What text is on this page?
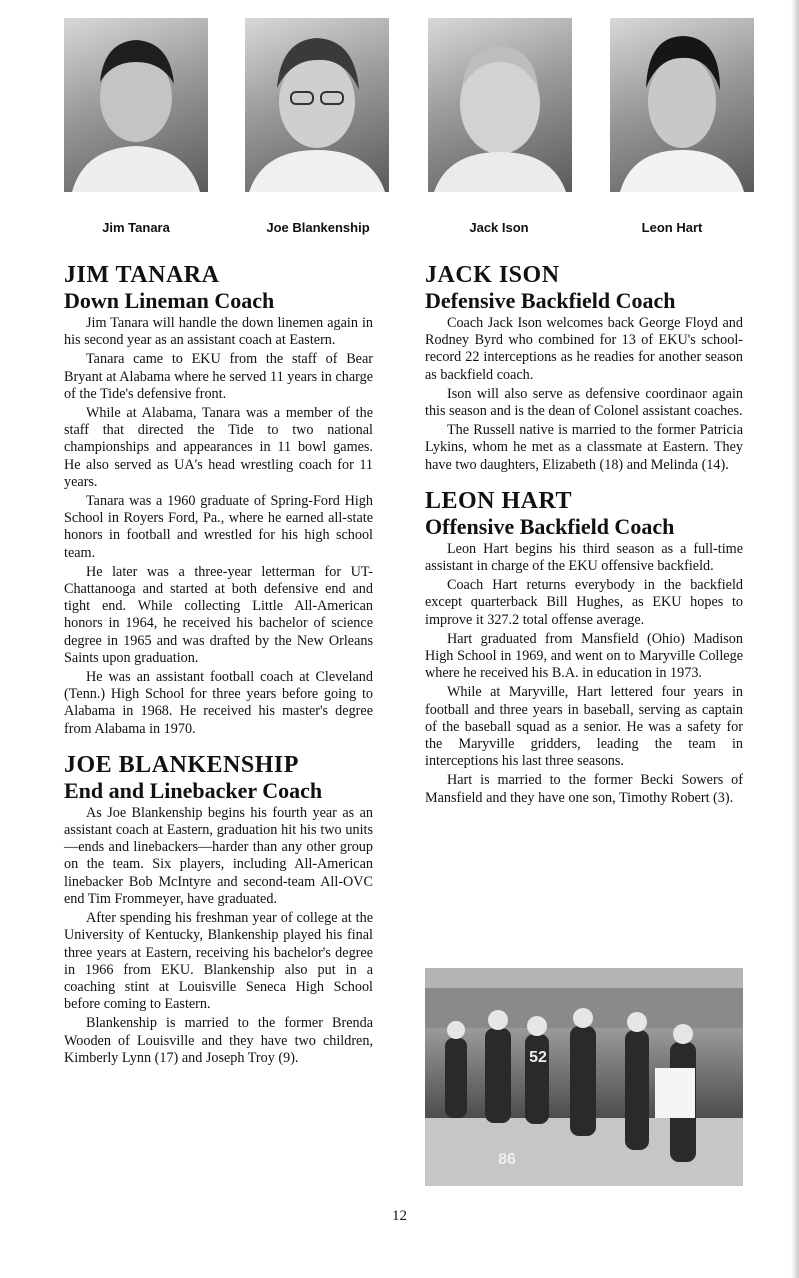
Jim Tanara	Joe Blankenship	Jack Ison	Leon Hart
JIM TANARA
Down Lineman Coach

Jim Tanara will handle the down linemen again in his second year as an assistant coach at Eastern.

Tanara came to EKU from the staff of Bear Bryant at Alabama where he served 11 years in charge of the Tide's defensive front.

While at Alabama, Tanara was a member of the staff that directed the Tide to two national championships and appearances in 11 bowl games. He also served as UA's head wrestling coach for 11 years.

Tanara was a 1960 graduate of Spring-Ford High School in Royers Ford, Pa., where he earned all-state honors in football and wrestled for his high school team.

He later was a three-year letterman for UT-Chattanooga and started at both defensive end and tight end. While collecting Little All-American honors in 1964, he received his bachelor of science degree in 1965 and was drafted by the New Orleans Saints upon graduation.

He was an assistant football coach at Cleveland (Tenn.) High School for three years before going to Alabama in 1968. He received his master's degree from Alabama in 1970.

JOE BLANKENSHIP
End and Linebacker Coach

As Joe Blankenship begins his fourth year as an assistant coach at Eastern, graduation hit his two units—ends and linebackers—harder than any other group on the team. Six players, including All-American linebacker Bob McIntyre and second-team All-OVC end Tim Frommeyer, have graduated.

After spending his freshman year of college at the University of Kentucky, Blankenship played his final three years at Eastern, receiving his bachelor's degree in 1966 from EKU. Blankenship also put in a coaching stint at Louisville Seneca High School before coming to Eastern.

Blankenship is married to the former Brenda Wooden of Louisville and they have two children, Kimberly Lynn (17) and Joseph Troy (9).

JACK ISON
Defensive Backfield Coach

Coach Jack Ison welcomes back George Floyd and Rodney Byrd who combined for 13 of EKU's school-record 22 interceptions as he readies for another season as backfield coach.

Ison will also serve as defensive coordinaor again this season and is the dean of Colonel assistant coaches.

The Russell native is married to the former Patricia Lykins, whom he met as a classmate at Eastern. They have two daughters, Elizabeth (18) and Melinda (14).

LEON HART
Offensive Backfield Coach

Leon Hart begins his third season as a full-time assistant in charge of the EKU offensive backfield.

Coach Hart returns everybody in the backfield except quarterback Bill Hughes, as EKU hopes to improve it 327.2 total offense average.

Hart graduated from Mansfield (Ohio) Madison High School in 1969, and went on to Maryville College where he received his B.A. in education in 1973.

While at Maryville, Hart lettered four years in football and three years in baseball, serving as captain of the baseball squad as a senior. He was a safety for the Maryville gridders, leading the team in interceptions his last three seasons.

Hart is married to the former Becki Sowers of Mansfield and they have one son, Timothy Robert (3).

52
86
12
